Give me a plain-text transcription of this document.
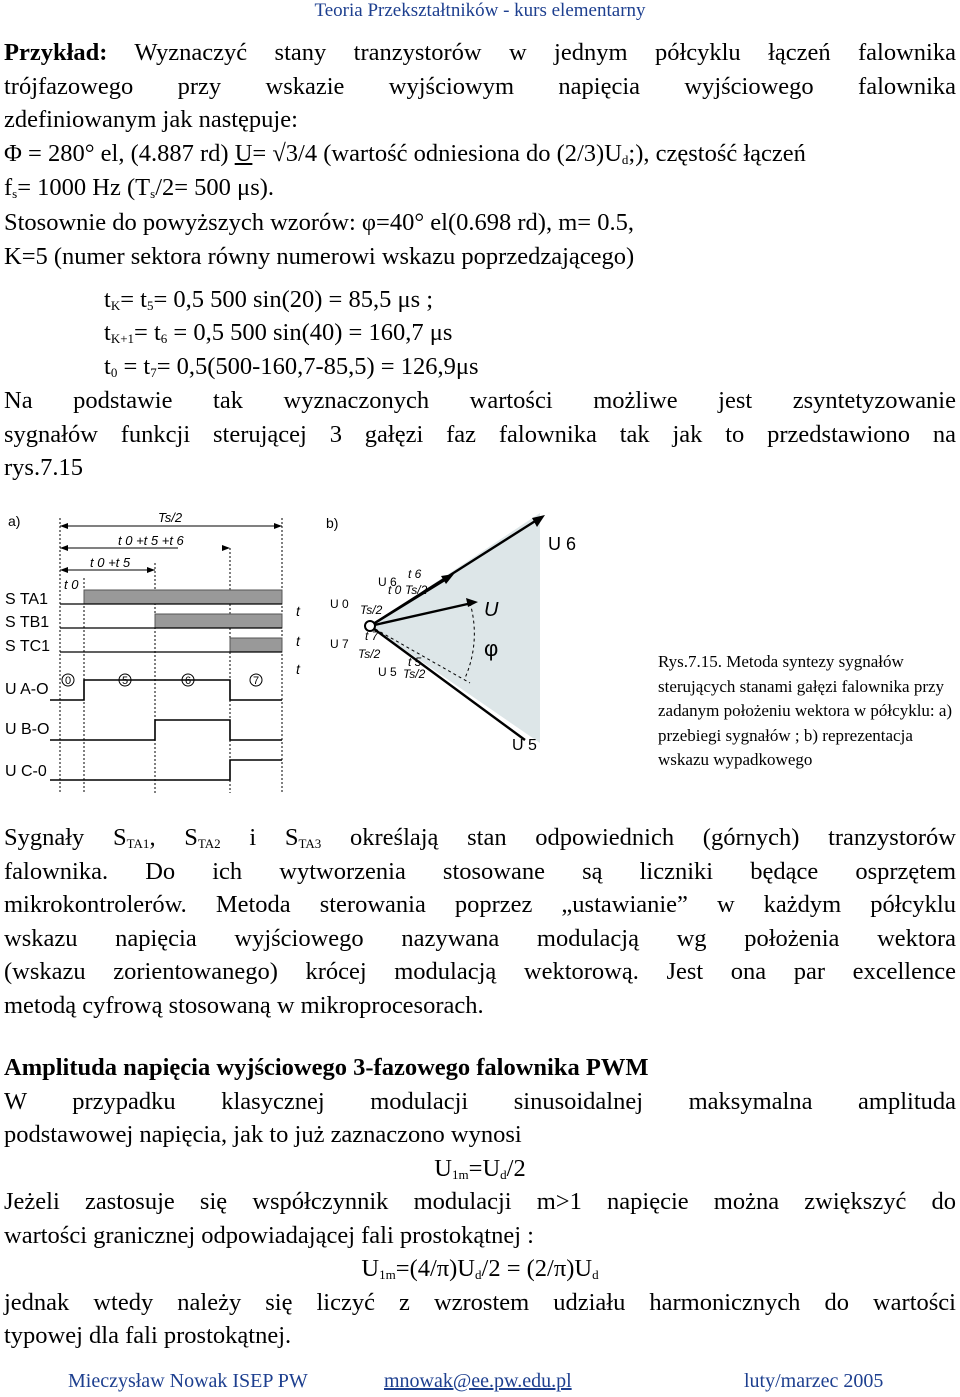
Teoria Przekształtników - kurs elementarny
Przykład: Wyznaczyć stany tranzystorów w jednym półcyklu łączeń falownika
trójfazowego przy wskazie wyjściowym napięcia wyjściowego falownika
zdefiniowanym jak następuje:
Φ = 280° el, (4.887 rd) U= √3/4 (wartość odniesiona do $(2/3)U_d$;), częstość łączeń
$f_s= 1000$ Hz ($T_s/2= 500$ μs).
Stosownie do powyższych wzorów: φ=40° el(0.698 rd), m= 0.5,
K=5 (numer sektora równy numerowi wskazu poprzedzającego)
$t_K= t_5= 0,5$ 500 sin(20) = 85,5 μs ;
$t_{K+1}= t_6 = 0,5$ 500 sin(40) = 160,7 μs
$t_0 = t_7= 0,5(500-160,7-85,5) = 126,9\mu s$
Na podstawie tak wyznaczonych wartości możliwe jest zsyntetyzowanie
sygnałów funkcji sterującej 3 gałęzi faz falownika tak jak to przedstawiono na
rys.7.15
a)	Ts/2
t 0 +t 5 +t 6
t 0 +t 5
t 0
S TA1
S TB1
S TC1
U A-O
U B-O
U C-0
0	5	6	7
t
t
t
b)
U 6
U 5
U
φ
U 0
t 0
Ts/2
U 6
t 6
Ts/2
U 7
t 7
Ts/2
U 5
t 5
Ts/2
Rys.7.15. Metoda syntezy sygnałów sterujących stanami gałęzi falownika przy zadanym położeniu wektora w półcyklu: a) przebiegi sygnałów ; b) reprezentacja wskazu wypadkowego
Sygnały $S_{TA1}$, $S_{TA2}$ i $S_{TA3}$ określają stan odpowiednich (górnych) tranzystorów
falownika. Do ich wytworzenia stosowane są liczniki będące osprzętem
mikrokontrolerów. Metoda sterowania poprzez „ustawianie” w każdym półcyklu
wskazu napięcia wyjściowego nazywana modulacją wg położenia wektora
(wskazu zorientowanego) krócej modulacją wektorową. Jest ona par excellence
metodą cyfrową stosowaną w mikroprocesorach.
Amplituda napięcia wyjściowego 3-fazowego falownika PWM
W przypadku klasycznej modulacji sinusoidalnej maksymalna amplituda
podstawowej napięcia, jak to już zaznaczono wynosi
$U_{1m}=U_d/2$
Jeżeli zastosuje się współczynnik modulacji m>1 napięcie można zwiększyć do
wartości granicznej odpowiadającej fali prostokątnej :
$U_{1m}=(4/\pi)U_d/2 = (2/\pi)U_d$
jednak wtedy należy się liczyć z wzrostem udziału harmonicznych do wartości
typowej dla fali prostokątnej.
Mieczysław Nowak ISEP PW	mnowak@ee.pw.edu.pl	luty/marzec 2005
